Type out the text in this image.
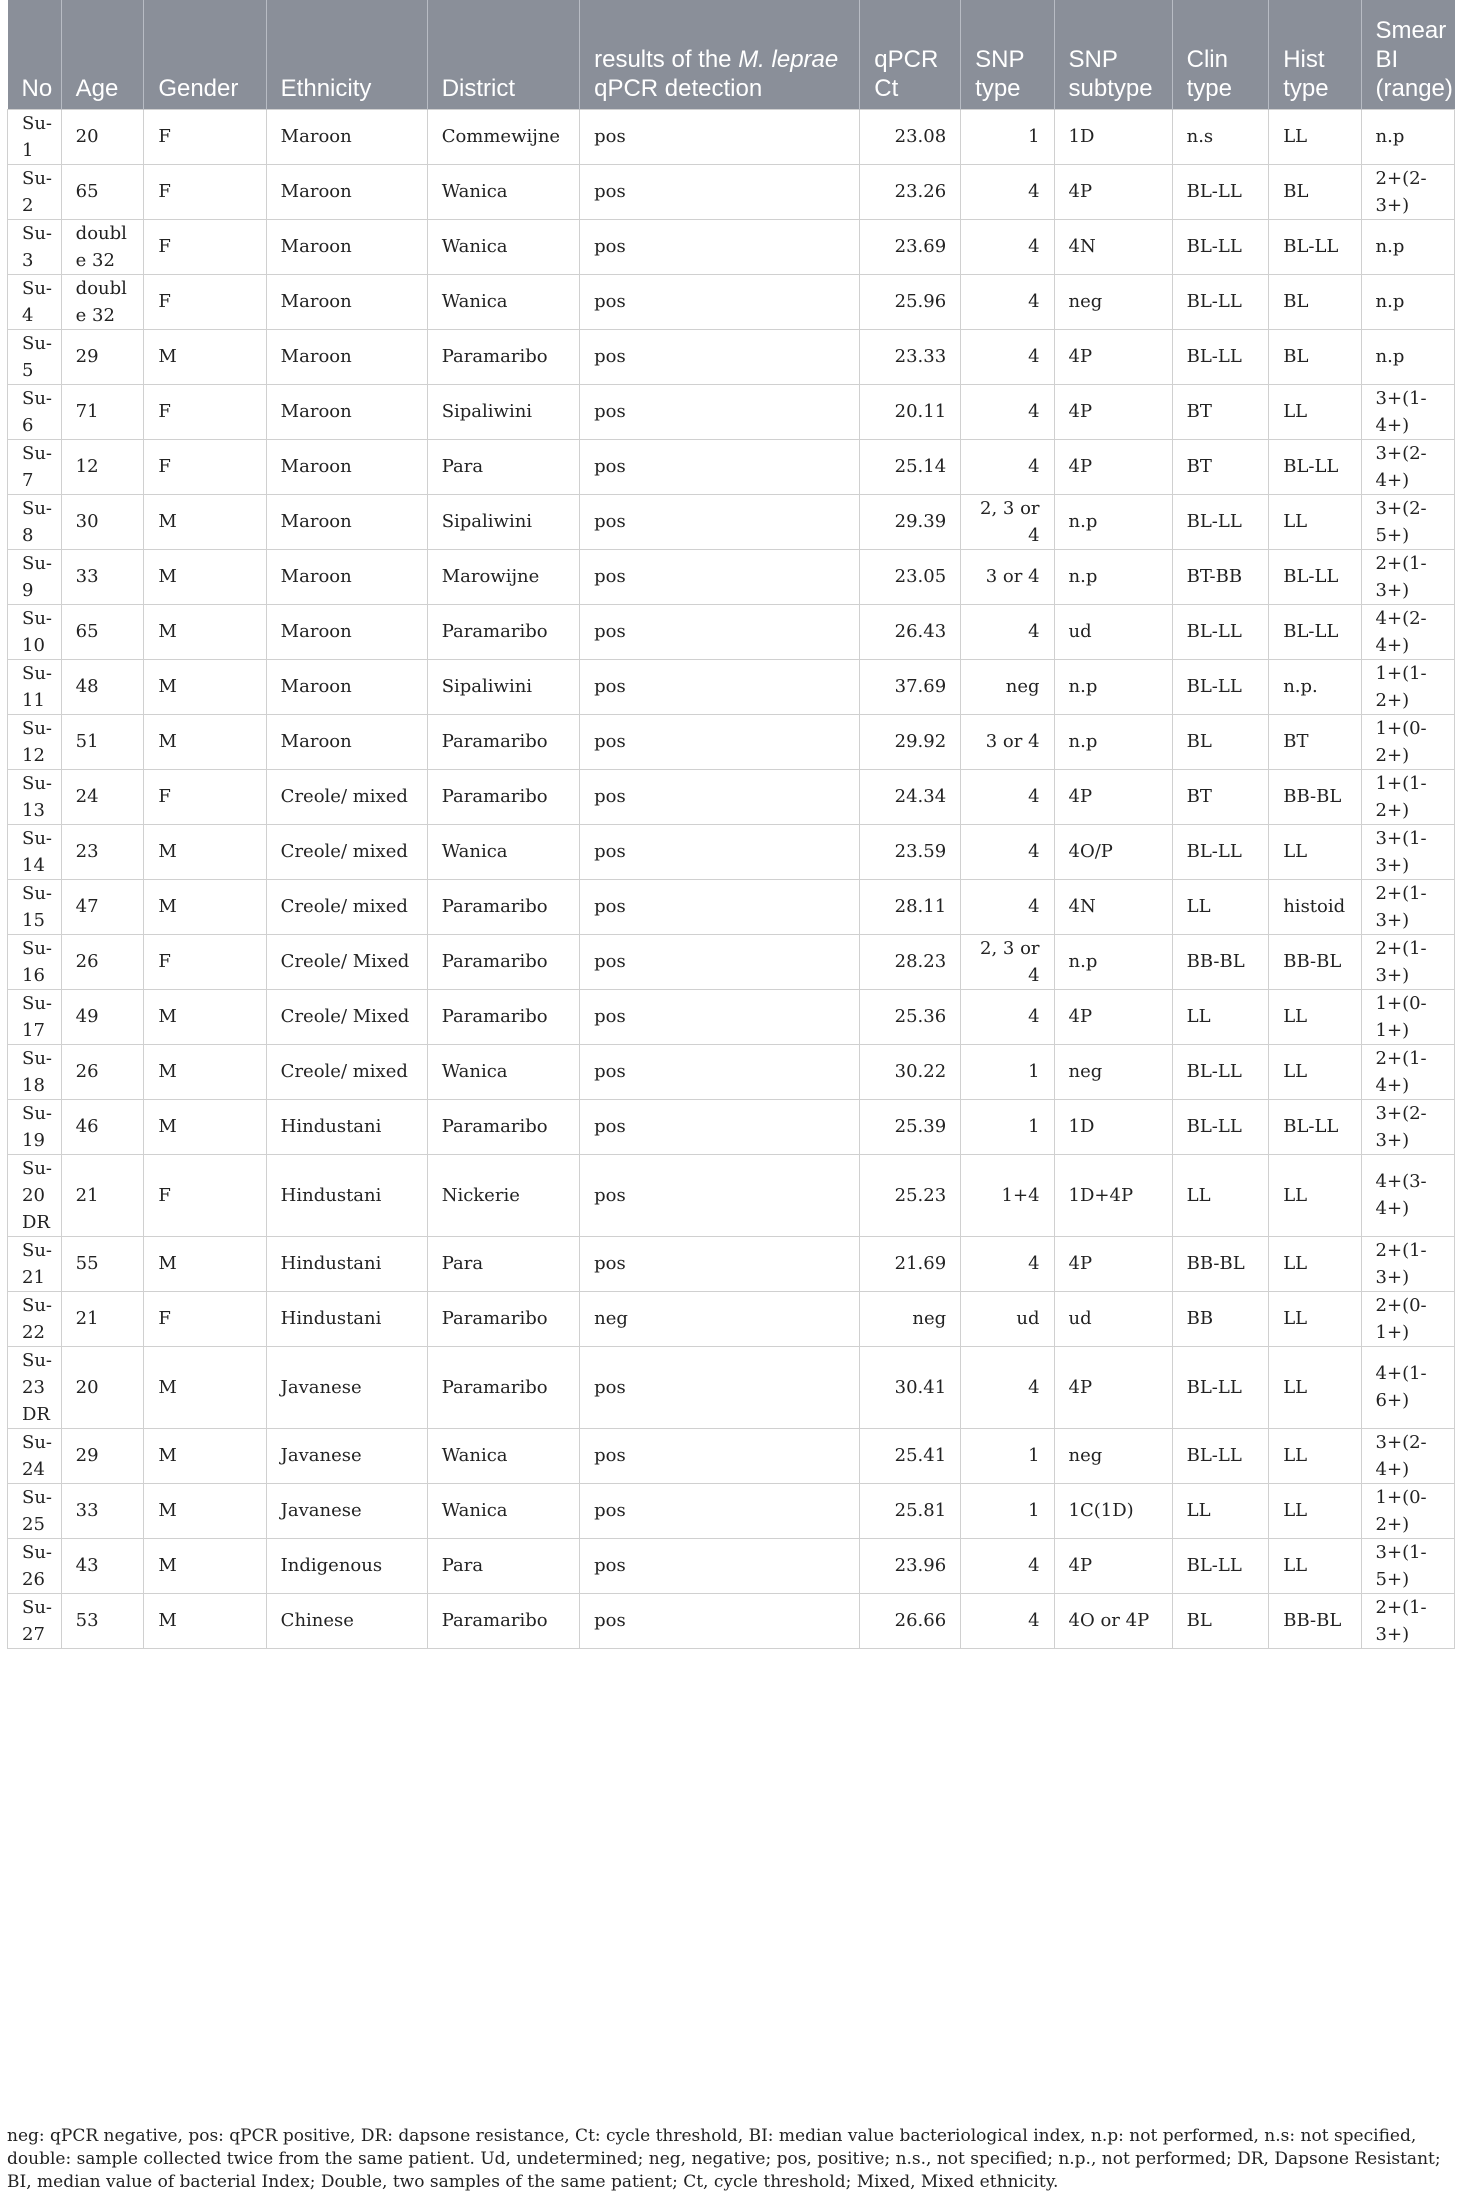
No	Age	Gender	Ethnicity	District	results of the M. leprae qPCR detection	qPCR Ct	SNP type	SNP subtype	Clin type	Hist type	Smear BI (range)
Su-1	20	F	Maroon	Commewijne	pos	23.08	1	1D	n.s	LL	n.p
Su-2	65	F	Maroon	Wanica	pos	23.26	4	4P	BL-LL	BL	2+(2-3+)
Su-3	double 32	F	Maroon	Wanica	pos	23.69	4	4N	BL-LL	BL-LL	n.p
Su-4	double 32	F	Maroon	Wanica	pos	25.96	4	neg	BL-LL	BL	n.p
Su-5	29	M	Maroon	Paramaribo	pos	23.33	4	4P	BL-LL	BL	n.p
Su-6	71	F	Maroon	Sipaliwini	pos	20.11	4	4P	BT	LL	3+(1-4+)
Su-7	12	F	Maroon	Para	pos	25.14	4	4P	BT	BL-LL	3+(2-4+)
Su-8	30	M	Maroon	Sipaliwini	pos	29.39	2, 3 or 4	n.p	BL-LL	LL	3+(2-5+)
Su-9	33	M	Maroon	Marowijne	pos	23.05	3 or 4	n.p	BT-BB	BL-LL	2+(1-3+)
Su-10	65	M	Maroon	Paramaribo	pos	26.43	4	ud	BL-LL	BL-LL	4+(2-4+)
Su-11	48	M	Maroon	Sipaliwini	pos	37.69	neg	n.p	BL-LL	n.p.	1+(1-2+)
Su-12	51	M	Maroon	Paramaribo	pos	29.92	3 or 4	n.p	BL	BT	1+(0-2+)
Su-13	24	F	Creole/ mixed	Paramaribo	pos	24.34	4	4P	BT	BB-BL	1+(1-2+)
Su-14	23	M	Creole/ mixed	Wanica	pos	23.59	4	4O/P	BL-LL	LL	3+(1-3+)
Su-15	47	M	Creole/ mixed	Paramaribo	pos	28.11	4	4N	LL	histoid	2+(1-3+)
Su-16	26	F	Creole/ Mixed	Paramaribo	pos	28.23	2, 3 or 4	n.p	BB-BL	BB-BL	2+(1-3+)
Su-17	49	M	Creole/ Mixed	Paramaribo	pos	25.36	4	4P	LL	LL	1+(0-1+)
Su-18	26	M	Creole/ mixed	Wanica	pos	30.22	1	neg	BL-LL	LL	2+(1-4+)
Su-19	46	M	Hindustani	Paramaribo	pos	25.39	1	1D	BL-LL	BL-LL	3+(2-3+)
Su-20 DR	21	F	Hindustani	Nickerie	pos	25.23	1+4	1D+4P	LL	LL	4+(3-4+)
Su-21	55	M	Hindustani	Para	pos	21.69	4	4P	BB-BL	LL	2+(1-3+)
Su-22	21	F	Hindustani	Paramaribo	neg	neg	ud	ud	BB	LL	2+(0-1+)
Su-23 DR	20	M	Javanese	Paramaribo	pos	30.41	4	4P	BL-LL	LL	4+(1-6+)
Su-24	29	M	Javanese	Wanica	pos	25.41	1	neg	BL-LL	LL	3+(2-4+)
Su-25	33	M	Javanese	Wanica	pos	25.81	1	1C(1D)	LL	LL	1+(0-2+)
Su-26	43	M	Indigenous	Para	pos	23.96	4	4P	BL-LL	LL	3+(1-5+)
Su-27	53	M	Chinese	Paramaribo	pos	26.66	4	4O or 4P	BL	BB-BL	2+(1-3+)
neg: qPCR negative, pos: qPCR positive, DR: dapsone resistance, Ct: cycle threshold, BI: median value bacteriological index, n.p: not performed, n.s: not specified, double: sample collected twice from the same patient. Ud, undetermined; neg, negative; pos, positive; n.s., not specified; n.p., not performed; DR, Dapsone Resistant; BI, median value of bacterial Index; Double, two samples of the same patient; Ct, cycle threshold; Mixed, Mixed ethnicity.
